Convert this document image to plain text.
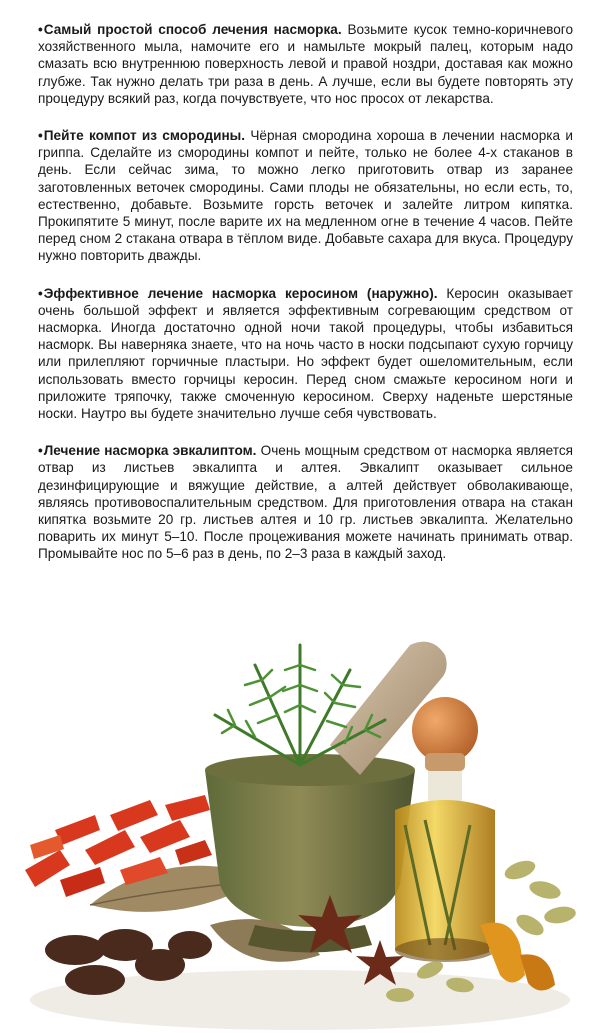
•Самый простой способ лечения насморка. Возьмите кусок темно-коричневого хозяйственного мыла, намочите его и намыльте мокрый палец, которым надо смазать всю внутреннюю поверхность левой и правой ноздри, доставая как можно глубже. Так нужно делать три раза в день. А лучше, если вы будете повторять эту процедуру всякий раз, когда почувствуете, что нос просох от лекарства.

•Пейте компот из смородины. Чёрная смородина хороша в лечении насморка и гриппа. Сделайте из смородины компот и пейте, только не более 4-х стаканов в день. Если сейчас зима, то можно легко приготовить отвар из заранее заготовленных веточек смородины. Сами плоды не обязательны, но если есть, то, естественно, добавьте. Возьмите горсть веточек и залейте литром кипятка. Прокипятите 5 минут, после варите их на медленном огне в течение 4 часов. Пейте перед сном 2 стакана отвара в тёплом виде. Добавьте сахара для вкуса. Процедуру нужно повторить дважды.

•Эффективное лечение насморка керосином (наружно). Керосин оказывает очень большой эффект и является эффективным согревающим средством от насморка. Иногда достаточно одной ночи такой процедуры, чтобы избавиться насморк. Вы наверняка знаете, что на ночь часто в носки подсыпают сухую горчицу или прилепляют горчичные пластыри. Но эффект будет ошеломительным, если использовать вместо горчицы керосин. Перед сном смажьте керосином ноги и приложите тряпочку, также смоченную керосином. Сверху наденьте шерстяные носки. Наутро вы будете значительно лучше себя чувствовать.

•Лечение насморка эвкалиптом. Очень мощным средством от насморка является отвар из листьев эвкалипта и алтея. Эвкалипт оказывает сильное дезинфицирующие и вяжущие действие, а алтей действует обволакивающе, являясь противовоспалительным средством. Для приготовления отвара на стакан кипятка возьмите 20 гр. листьев алтея и 10 гр. листьев эвкалипта. Желательно поварить их минут 5–10. После процеживания можете начинать принимать отвар. Промывайте нос по 5–6 раз в день, по 2–3 раза в каждый заход.
